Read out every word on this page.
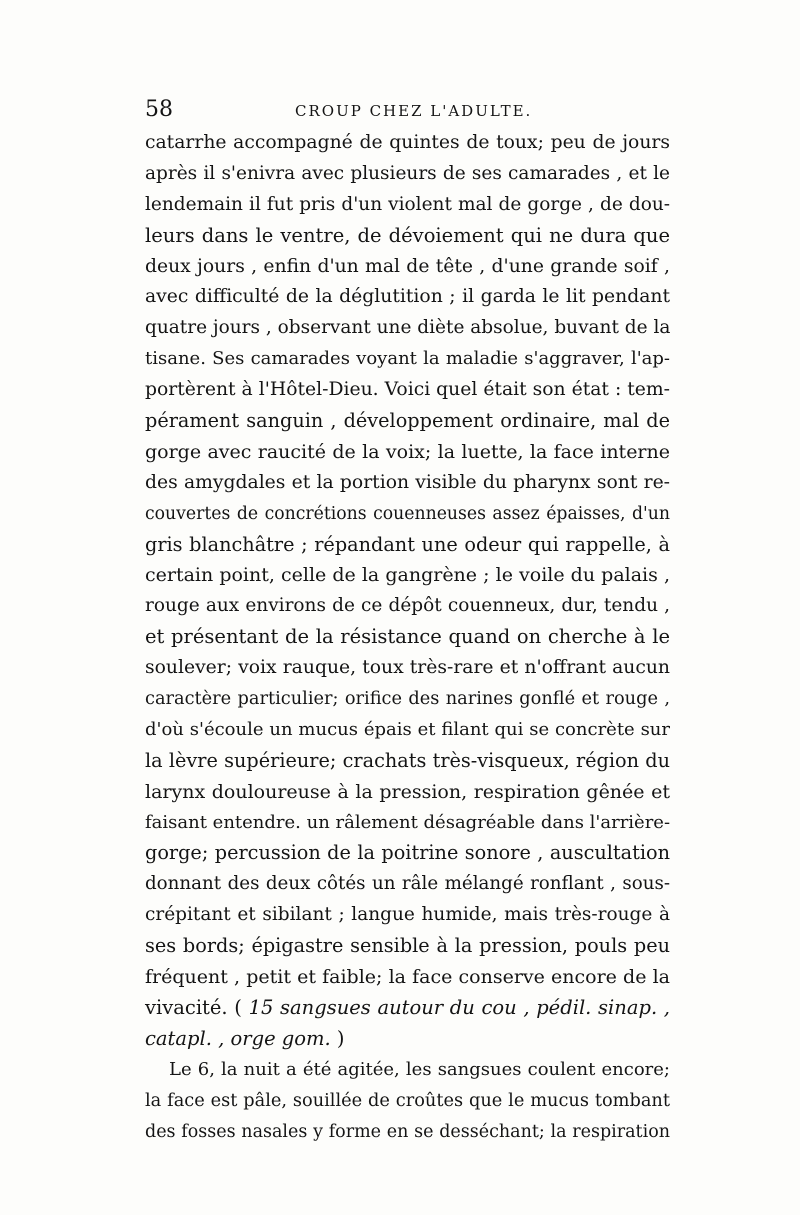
58	CROUP CHEZ L'ADULTE.
catarrhe accompagné de quintes de toux; peu de jours
après il s'enivra avec plusieurs de ses camarades , et le
lendemain il fut pris d'un violent mal de gorge , de dou-
leurs dans le ventre, de dévoiement qui ne dura que
deux jours , enfin d'un mal de tête , d'une grande soif ,
avec difficulté de la déglutition ; il garda le lit pendant
quatre jours , observant une diète absolue, buvant de la
tisane. Ses camarades voyant la maladie s'aggraver, l'ap-
portèrent à l'Hôtel-Dieu. Voici quel était son état : tem-
pérament sanguin , développement ordinaire, mal de
gorge avec raucité de la voix; la luette, la face interne
des amygdales et la portion visible du pharynx sont re-
couvertes de concrétions couenneuses assez épaisses, d'un
gris blanchâtre ; répandant une odeur qui rappelle, à
certain point, celle de la gangrène ; le voile du palais ,
rouge aux environs de ce dépôt couenneux, dur, tendu ,
et présentant de la résistance quand on cherche à le
soulever; voix rauque, toux très-rare et n'offrant aucun
caractère particulier; orifice des narines gonflé et rouge ,
d'où s'écoule un mucus épais et filant qui se concrète sur
la lèvre supérieure; crachats très-visqueux, région du
larynx douloureuse à la pression, respiration gênée et
faisant entendre. un râlement désagréable dans l'arrière-
gorge; percussion de la poitrine sonore , auscultation
donnant des deux côtés un râle mélangé ronflant , sous-
crépitant et sibilant ; langue humide, mais très-rouge à
ses bords; épigastre sensible à la pression, pouls peu
fréquent , petit et faible; la face conserve encore de la
vivacité. ( 15 sangsues autour du cou , pédil. sinap. ,
catapl. , orge gom. )
Le 6, la nuit a été agitée, les sangsues coulent encore;
la face est pâle, souillée de croûtes que le mucus tombant
des fosses nasales y forme en se desséchant; la respiration
